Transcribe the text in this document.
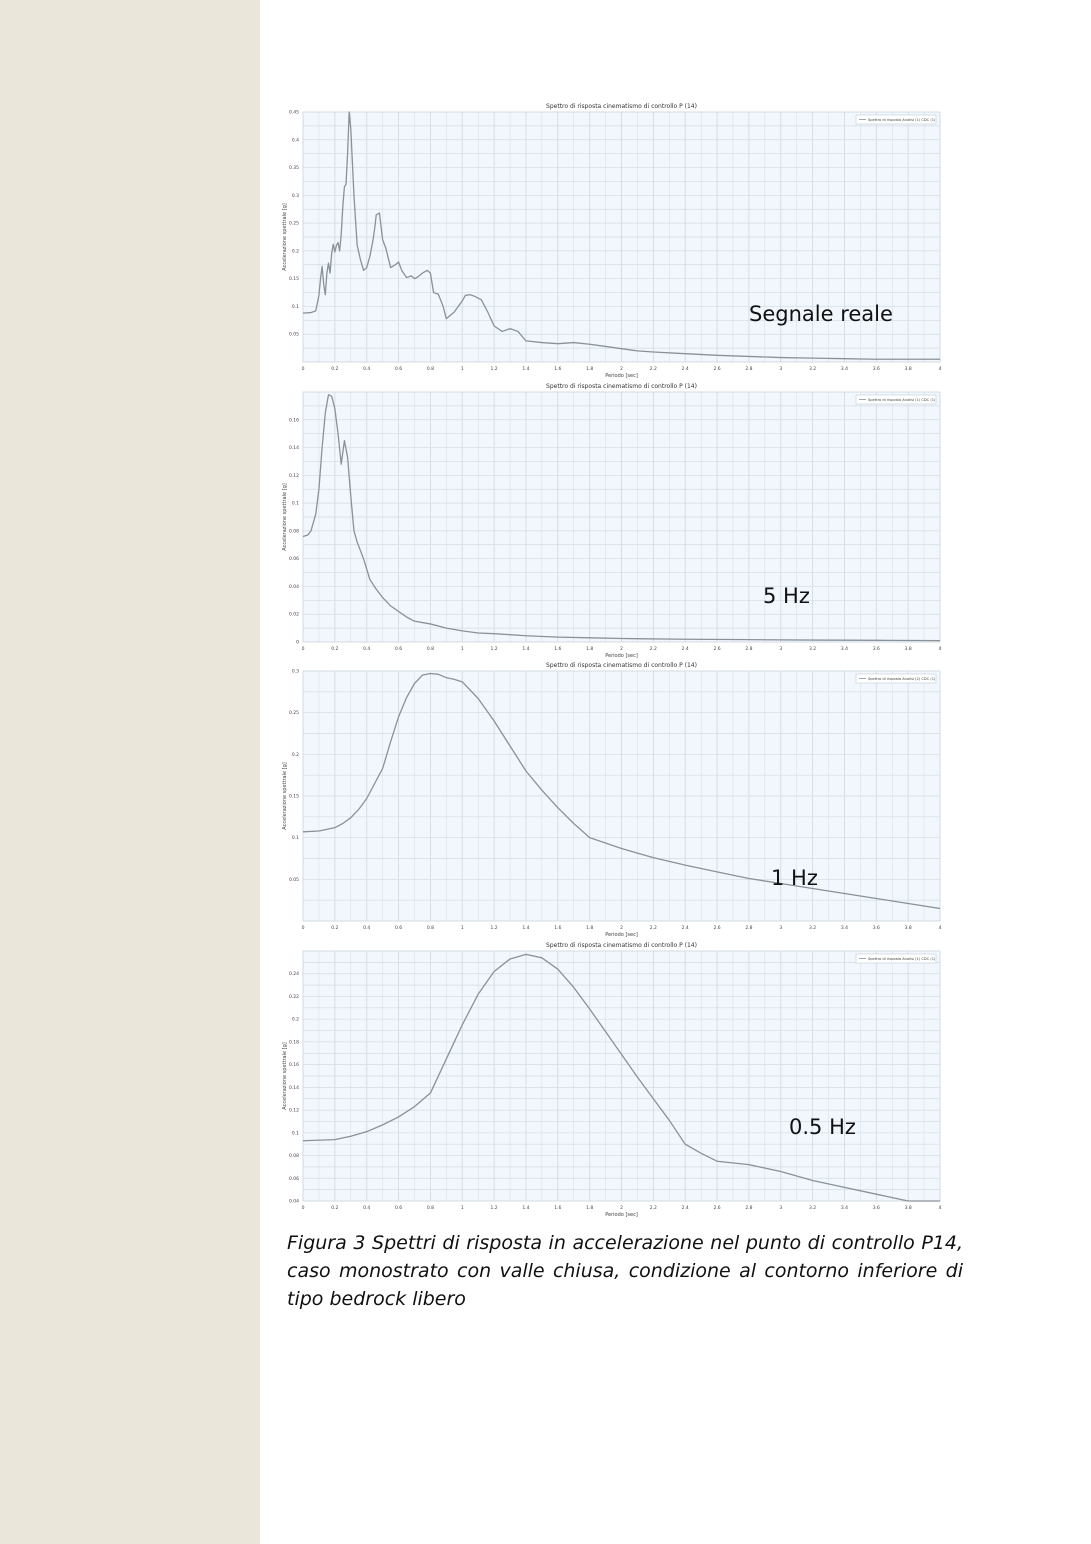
Spettro di risposta cinematismo di controllo P (14)
0	0.2	0.4	0.6	0.8	1	1.2	1.4	1.6	1.8	2	2.2	2.4	2.6	2.8	3	3.2	3.4	3.6	3.8	4
Periodo [sec]
0.05
0.1
0.15
0.2
0.25
0.3
0.35
0.4
0.45
Accelerazione spettrale [g]
Spettro di risposta Analisi (1) CDC (1)
Segnale reale
Spettro di risposta cinematismo di controllo P (14)
0	0.2	0.4	0.6	0.8	1	1.2	1.4	1.6	1.8	2	2.2	2.4	2.6	2.8	3	3.2	3.4	3.6	3.8	4
Periodo [sec]
0
0.02
0.04
0.06
0.08
0.1
0.12
0.14
0.16
Accelerazione spettrale [g]
Spettro di risposta Analisi (1) CDC (1)
5 Hz
Spettro di risposta cinematismo di controllo P (14)
0	0.2	0.4	0.6	0.8	1	1.2	1.4	1.6	1.8	2	2.2	2.4	2.6	2.8	3	3.2	3.4	3.6	3.8	4
Periodo [sec]
0.05
0.1
0.15
0.2
0.25
0.3
Accelerazione spettrale [g]
Spettro di risposta Analisi (2) CDC (1)
1 Hz
Spettro di risposta cinematismo di controllo P (14)
0	0.2	0.4	0.6	0.8	1	1.2	1.4	1.6	1.8	2	2.2	2.4	2.6	2.8	3	3.2	3.4	3.6	3.8	4
Periodo [sec]
0.04
0.06
0.08
0.1
0.12
0.14
0.16
0.18
0.2
0.22
0.24
Accelerazione spettrale [g]
Spettro di risposta Analisi (1) CDC (1)
0.5 Hz

Figura 3 Spettri di risposta in accelerazione nel punto di controllo P14, caso monostrato con valle chiusa, condizione al contorno inferiore di tipo bedrock libero
